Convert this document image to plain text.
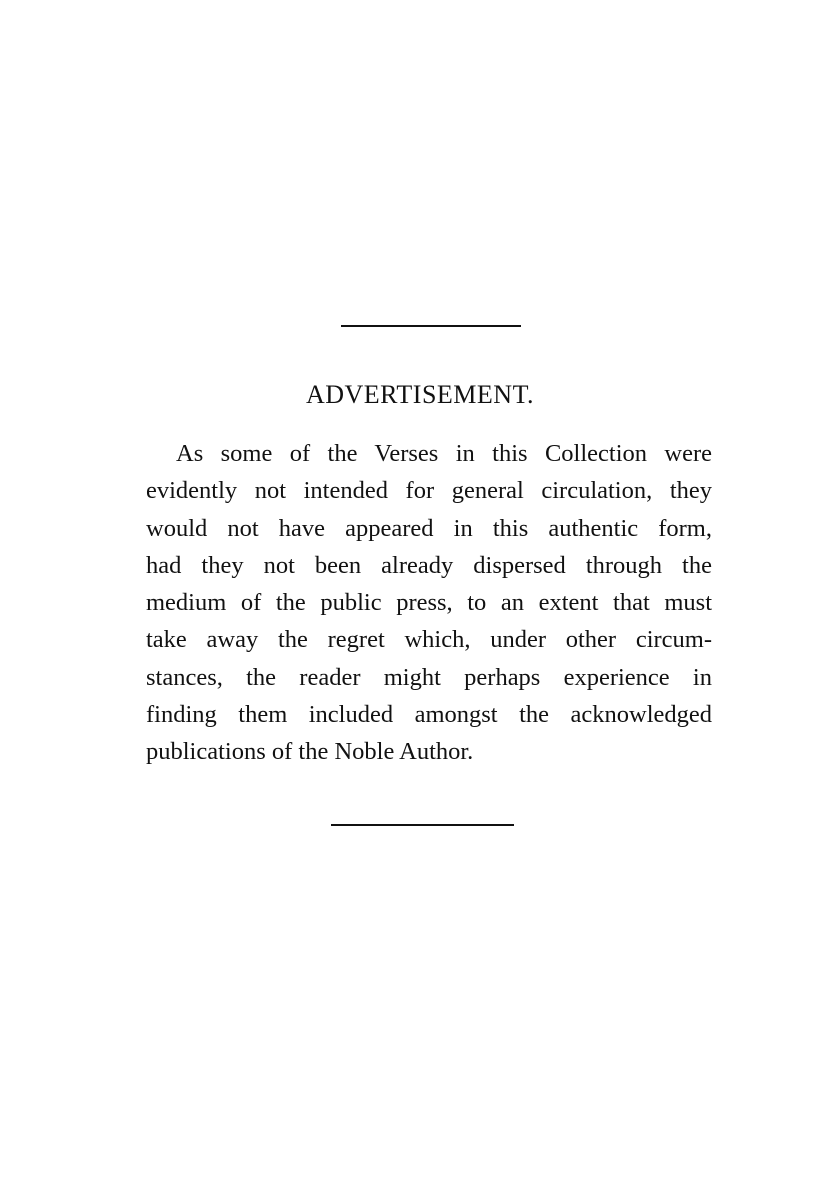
ADVERTISEMENT.
As some of the Verses in this Collection were
evidently not intended for general circulation, they
would not have appeared in this authentic form,
had they not been already dispersed through the
medium of the public press, to an extent that must
take away the regret which, under other circum-
stances, the reader might perhaps experience in
finding them included amongst the acknowledged
publications of the Noble Author.
